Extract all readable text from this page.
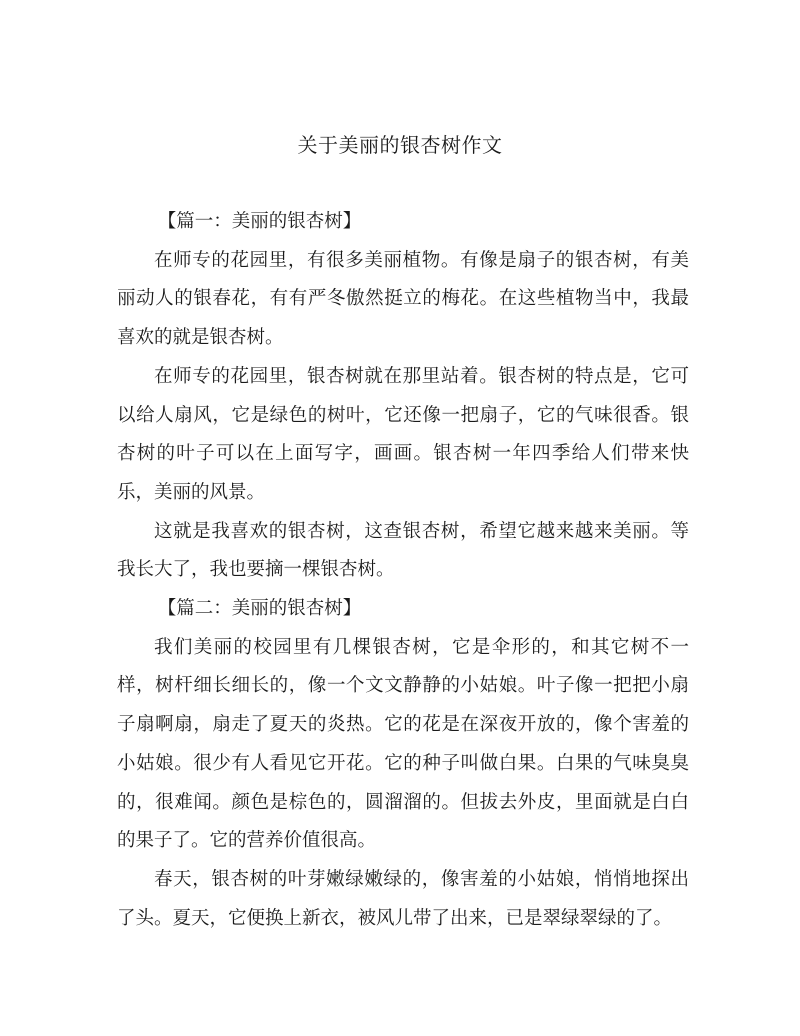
关于美丽的银杏树作文

【篇一：美丽的银杏树】

在师专的花园里，有很多美丽植物。有像是扇子的银杏树，有美丽动人的银春花，有有严冬傲然挺立的梅花。在这些植物当中，我最喜欢的就是银杏树。

在师专的花园里，银杏树就在那里站着。银杏树的特点是，它可以给人扇风，它是绿色的树叶，它还像一把扇子，它的气味很香。银杏树的叶子可以在上面写字，画画。银杏树一年四季给人们带来快乐，美丽的风景。

这就是我喜欢的银杏树，这查银杏树，希望它越来越来美丽。等我长大了，我也要摘一棵银杏树。

【篇二：美丽的银杏树】

我们美丽的校园里有几棵银杏树，它是伞形的，和其它树不一样，树杆细长细长的，像一个文文静静的小姑娘。叶子像一把把小扇子扇啊扇，扇走了夏天的炎热。它的花是在深夜开放的，像个害羞的小姑娘。很少有人看见它开花。它的种子叫做白果。白果的气味臭臭的，很难闻。颜色是棕色的，圆溜溜的。但拔去外皮，里面就是白白的果子了。它的营养价值很高。

春天，银杏树的叶芽嫩绿嫩绿的，像害羞的小姑娘，悄悄地探出了头。夏天，它便换上新衣，被风儿带了出来，已是翠绿翠绿的了。
